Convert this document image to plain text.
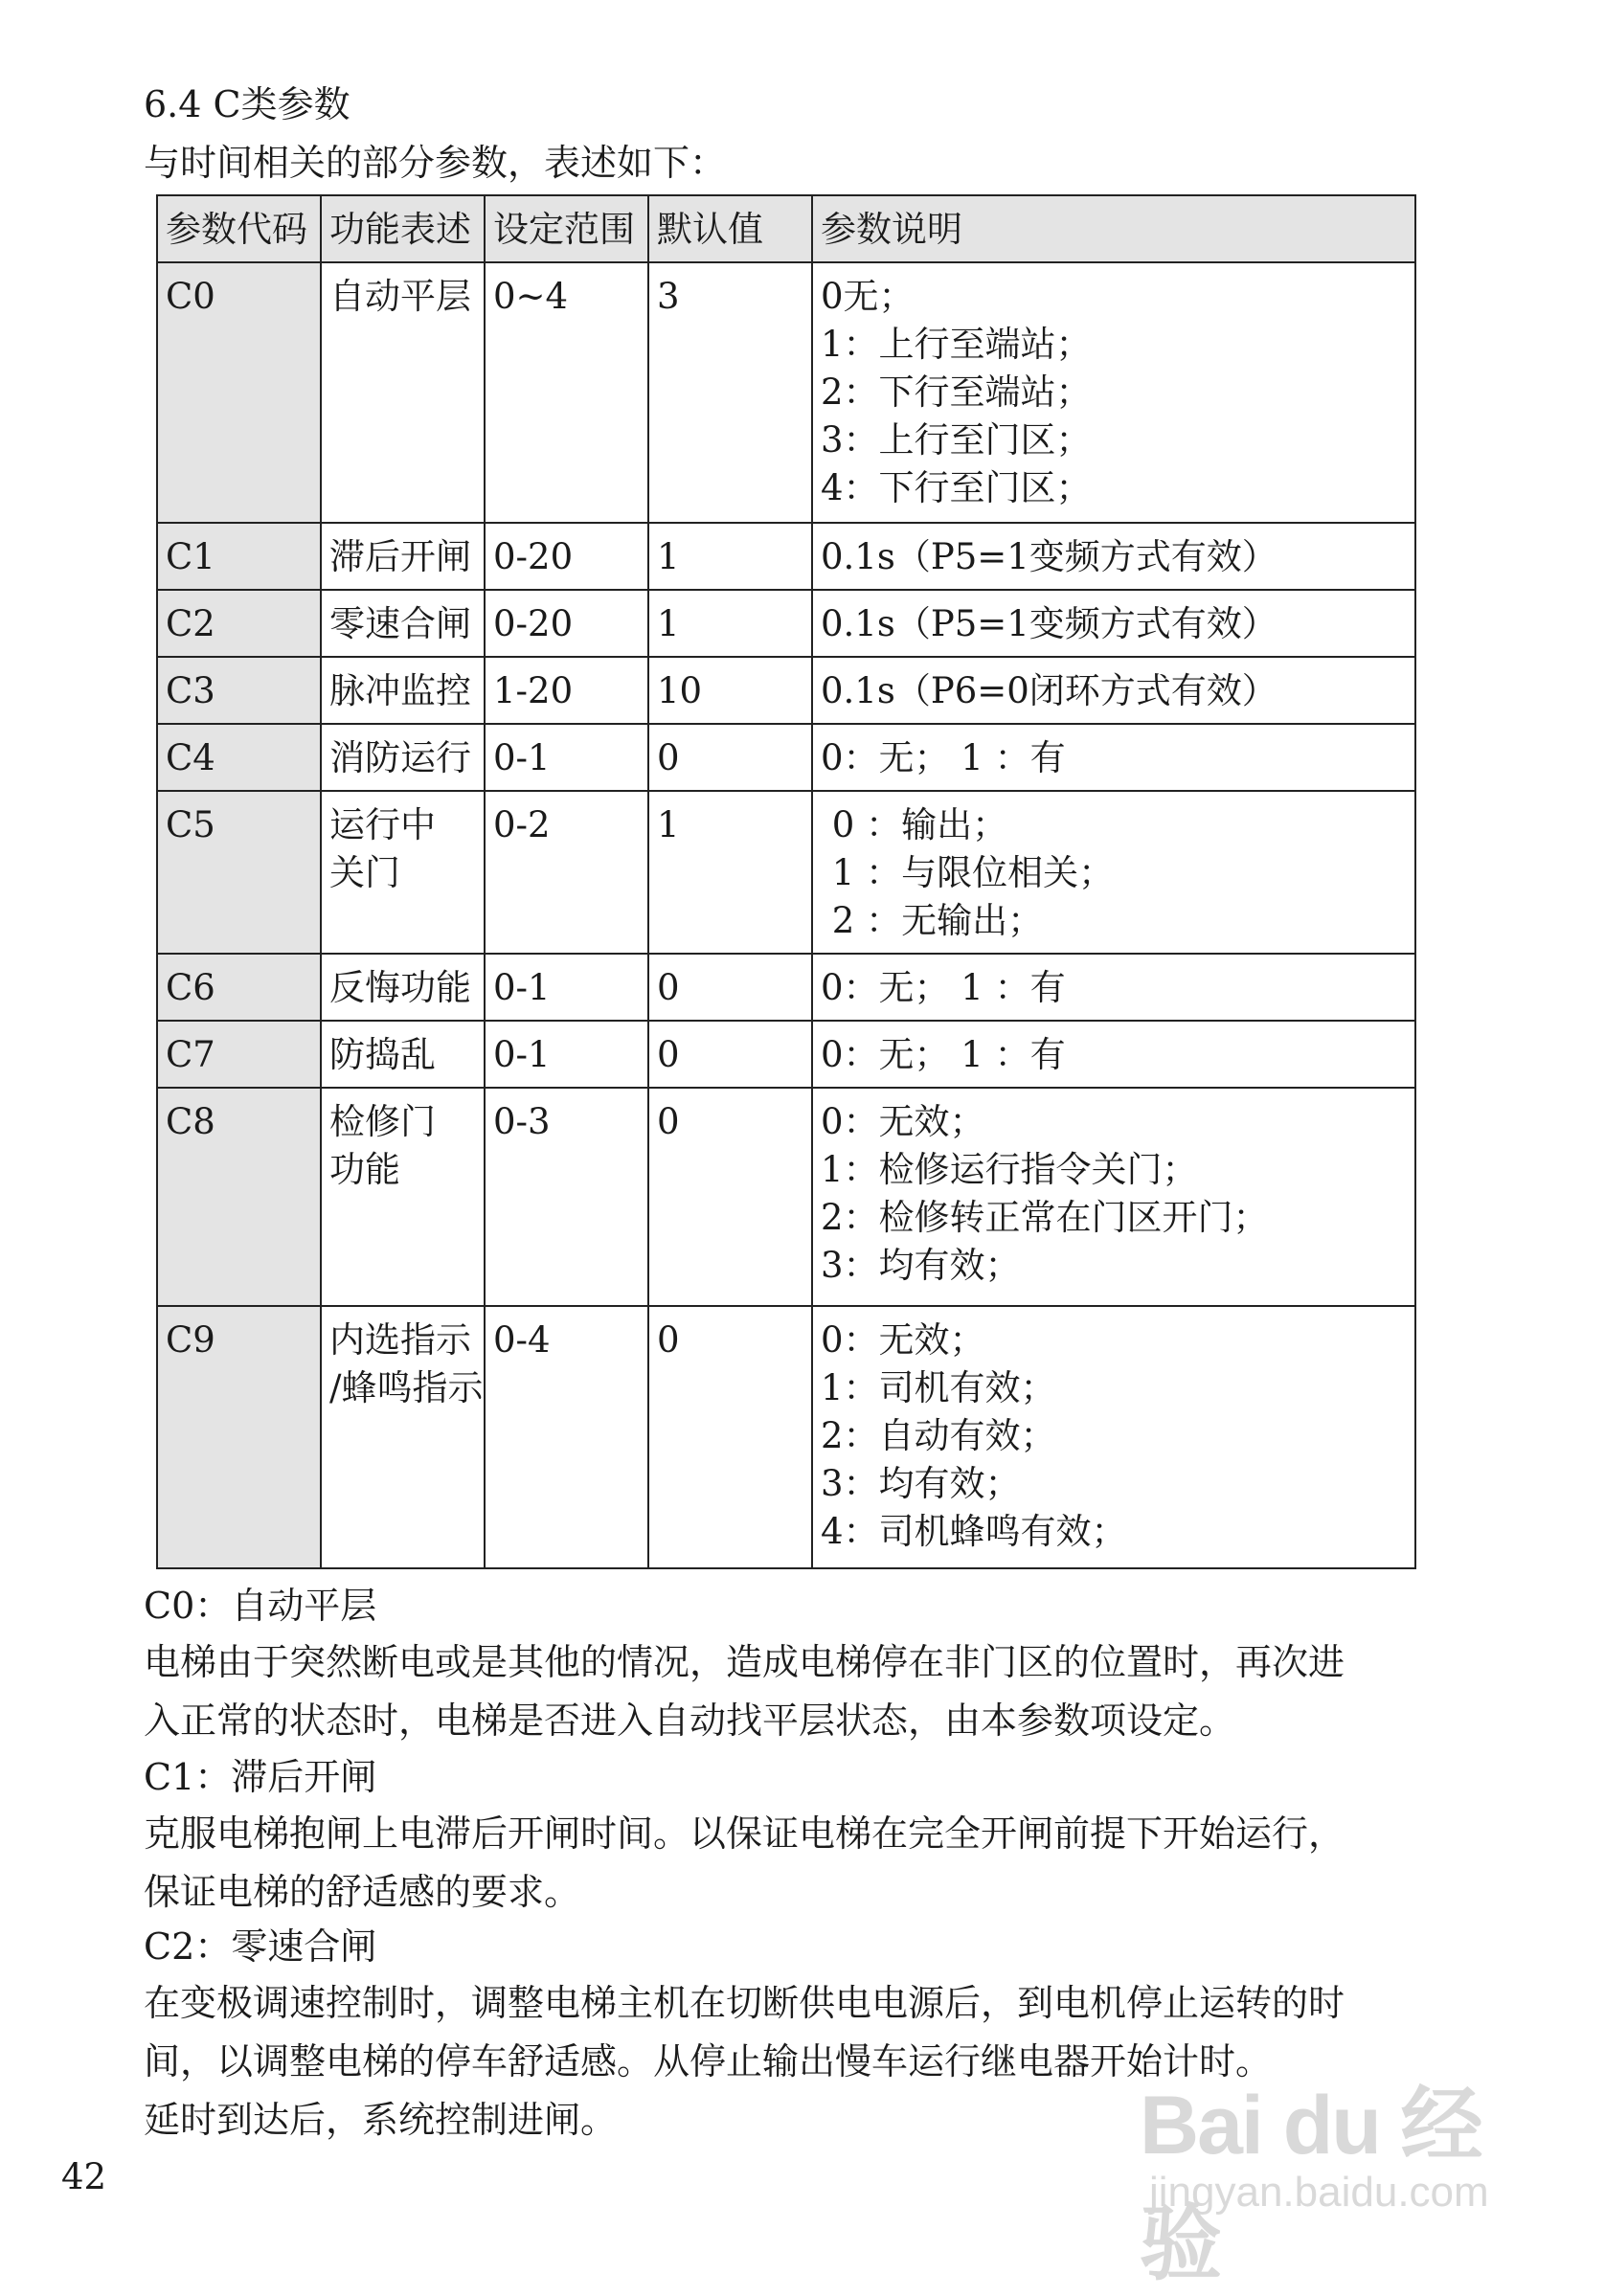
6.4 C类参数
与时间相关的部分参数，表述如下：
参数代码	功能表述	设定范围	默认值	参数说明
C0	自动平层	0~4	3	0无；
1：上行至端站；
2：下行至端站；
3：上行至门区；
4：下行至门区；

C1	滞后开闸	0-20	1	0.1s（P5=1变频方式有效）

C2	零速合闸	0-20	1	0.1s（P5=1变频方式有效）

C3	脉冲监控	1-20	10	0.1s（P6=0闭环方式有效）

C4	消防运行	0-1	0	0：无； 1 ：有

C5	运行中
关门	0-2	1	0 ：输出；
1 ：与限位相关；
2 ：无输出；

C6	反悔功能	0-1	0	0：无； 1 ：有

C7	防捣乱	0-1	0	0：无； 1 ：有

C8	检修门
功能	0-3	0	0：无效；
1：检修运行指令关门；
2：检修转正常在门区开门；
3：均有效；

C9	内选指示
/蜂鸣指示	0-4	0	0：无效；
1：司机有效；
2：自动有效；
3：均有效；
4：司机蜂鸣有效；
C0：自动平层
电梯由于突然断电或是其他的情况，造成电梯停在非门区的位置时，再次进
入正常的状态时，电梯是否进入自动找平层状态，由本参数项设定。
C1：滞后开闸
克服电梯抱闸上电滞后开闸时间。以保证电梯在完全开闸前提下开始运行，
保证电梯的舒适感的要求。
C2：零速合闸
在变极调速控制时，调整电梯主机在切断供电电源后，到电机停止运转的时
间，以调整电梯的停车舒适感。从停止输出慢车运行继电器开始计时。
延时到达后，系统控制进闸。
42
Bai du 经验
jingyan.baidu.com
